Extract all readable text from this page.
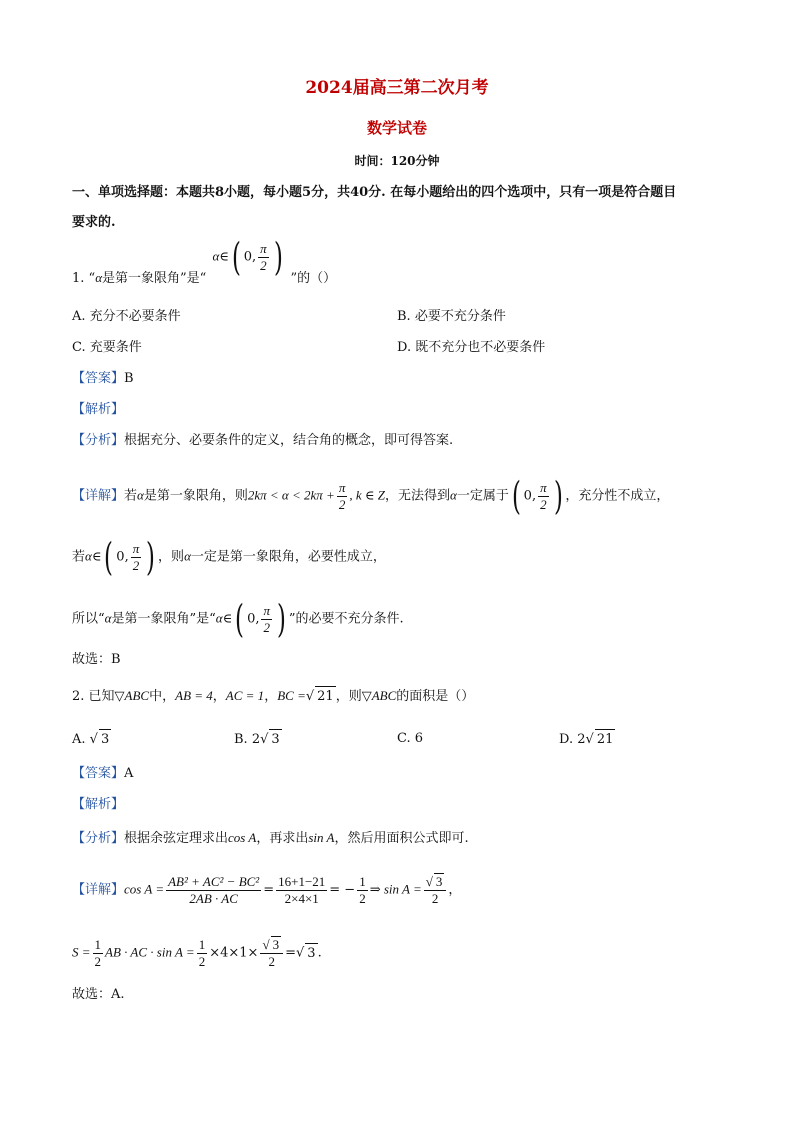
2024届高三第二次月考
数学试卷
时间：120分钟
一、单项选择题：本题共8小题，每小题5分，共40分. 在每小题给出的四个选项中，只有一项是符合题目
要求的.
1. “α是第一象限角”是“
α∈( 0, $\frac{\pi}{2}$ ) ”的（）
A. 充分不必要条件	B. 必要不充分条件
C. 充要条件	D. 既不充分也不必要条件
【答案】B
【解析】
【分析】根据充分、必要条件的定义，结合角的概念，即可得答案.
【详解】若α是第一象限角，则$2k\pi < \alpha < 2k\pi + \frac{\pi}{2}$ , k ∈ Z，无法得到α一定属于( 0, $\frac{\pi}{2}$ ) ，充分性不成立，
若α∈( 0, $\frac{\pi}{2}$ ) ，则α一定是第一象限角，必要性成立，
所以“α是第一象限角”是“α∈( 0, $\frac{\pi}{2}$ ) ”的必要不充分条件.
故选：B
2. 已知▽ABC中，AB = 4，AC = 1，BC =√ 21 ，则▽ABC的面积是（）
A. √ 3	B. 2√ 3	C. 6	D. 2√ 21
【答案】A
【解析】
【分析】根据余弦定理求出cos A，再求出sin A，然后用面积公式即可.
【详解】$\cos A = \frac{\text{AB² + AC² − BC²}}{2AB \cdot AC} = \frac{16+1-21}{2\times 4\times 1}$ = − $\frac{1}{2}$ ⇒ $\sin A = \frac{√ 3}{2}$ ，
$S = \frac{1}{2}$ AB · AC · $\sin A = \frac{1}{2} \times 4\times 1\times \frac{√ 3}{2}$ =√ 3 .
故选：A.
